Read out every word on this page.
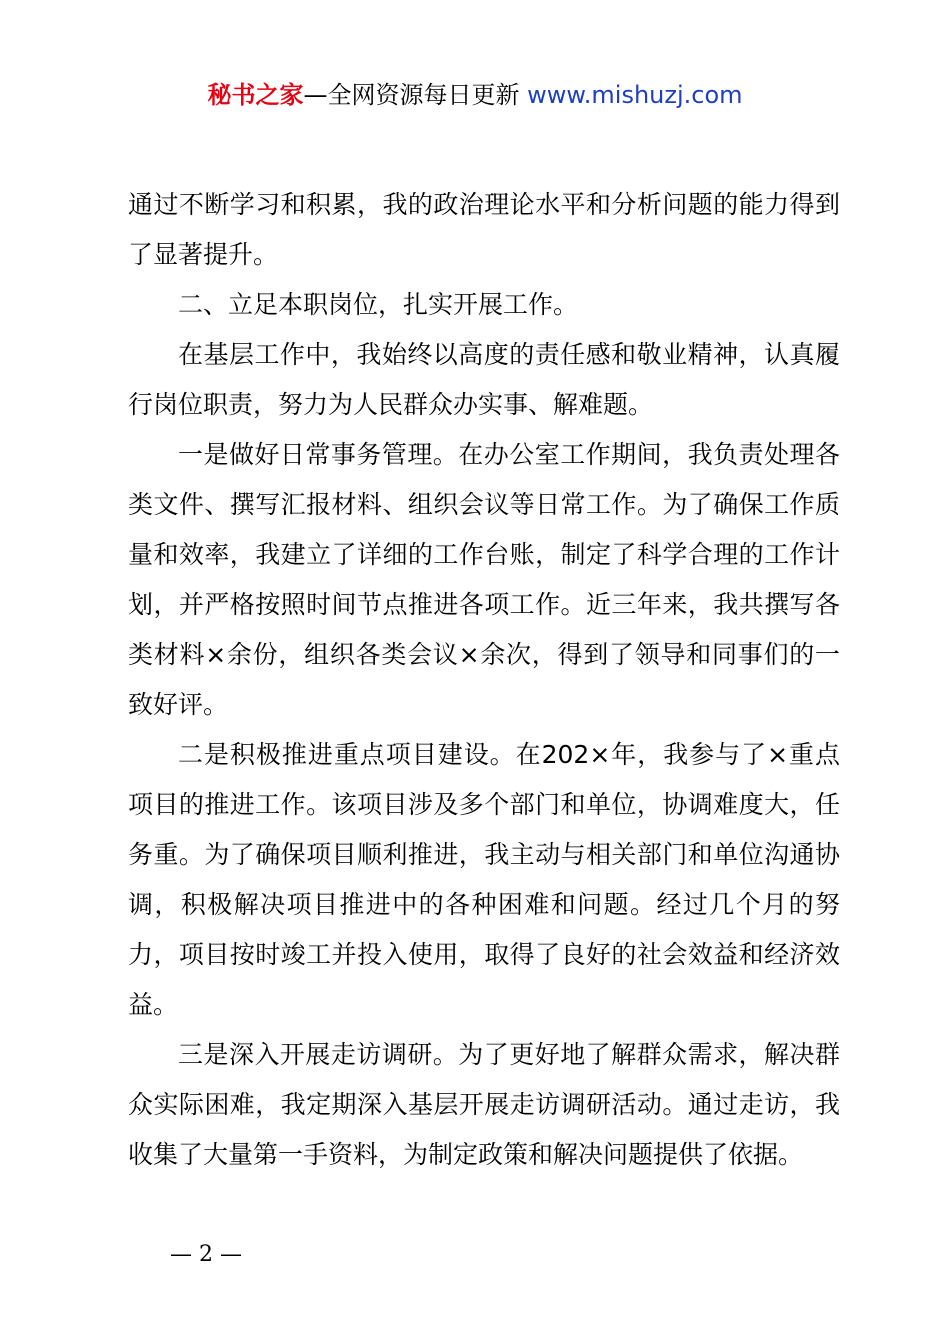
秘书之家—全网资源每日更新 www.mishuzj.com

通过不断学习和积累，我的政治理论水平和分析问题的能力得到了显著提升。

二、立足本职岗位，扎实开展工作。

在基层工作中，我始终以高度的责任感和敬业精神，认真履行岗位职责，努力为人民群众办实事、解难题。

一是做好日常事务管理。在办公室工作期间，我负责处理各类文件、撰写汇报材料、组织会议等日常工作。为了确保工作质量和效率，我建立了详细的工作台账，制定了科学合理的工作计划，并严格按照时间节点推进各项工作。近三年来，我共撰写各类材料×余份，组织各类会议×余次，得到了领导和同事们的一致好评。

二是积极推进重点项目建设。在202×年，我参与了×重点项目的推进工作。该项目涉及多个部门和单位，协调难度大，任务重。为了确保项目顺利推进，我主动与相关部门和单位沟通协调，积极解决项目推进中的各种困难和问题。经过几个月的努力，项目按时竣工并投入使用，取得了良好的社会效益和经济效益。

三是深入开展走访调研。为了更好地了解群众需求，解决群众实际困难，我定期深入基层开展走访调研活动。通过走访，我收集了大量第一手资料，为制定政策和解决问题提供了依据。

— 2 —
